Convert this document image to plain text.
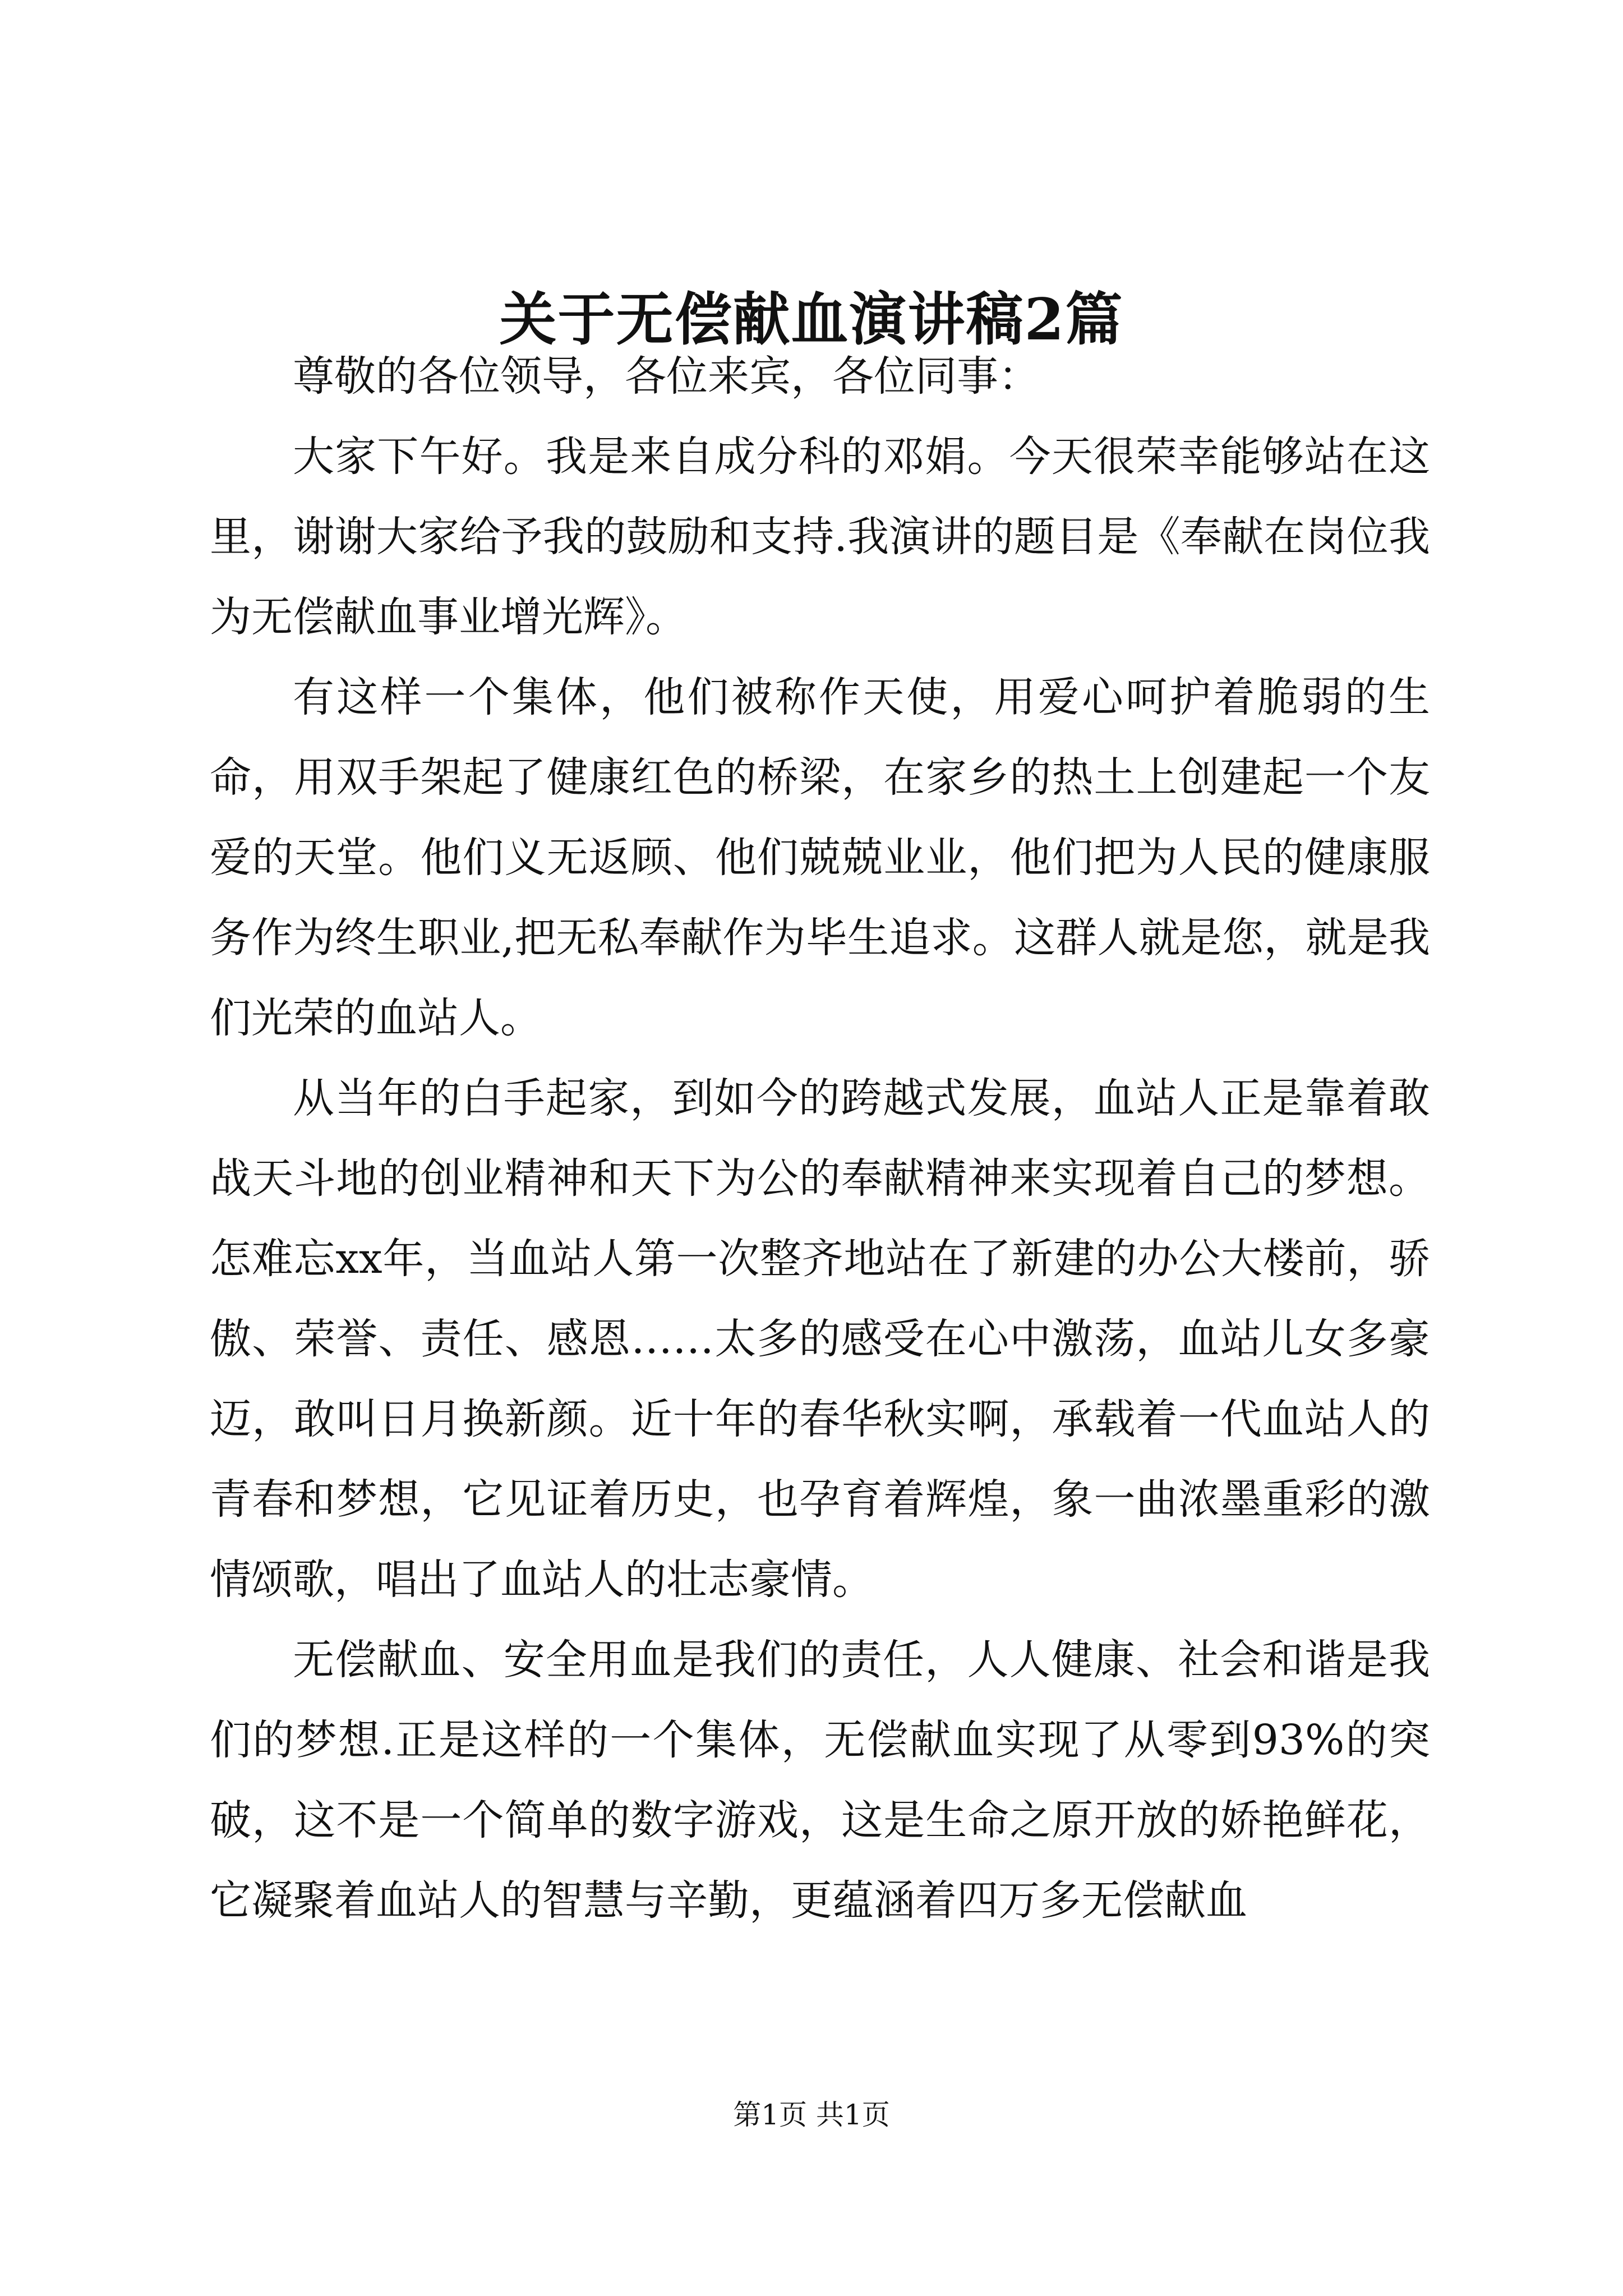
关于无偿献血演讲稿2篇

尊敬的各位领导，各位来宾，各位同事：

大家下午好。我是来自成分科的邓娟。今天很荣幸能够站在这里，谢谢大家给予我的鼓励和支持.我演讲的题目是《奉献在岗位我为无偿献血事业增光辉》。

有这样一个集体，他们被称作天使，用爱心呵护着脆弱的生命，用双手架起了健康红色的桥梁，在家乡的热土上创建起一个友爱的天堂。他们义无返顾、他们兢兢业业，他们把为人民的健康服务作为终生职业,把无私奉献作为毕生追求。这群人就是您，就是我们光荣的血站人。

从当年的白手起家，到如今的跨越式发展，血站人正是靠着敢战天斗地的创业精神和天下为公的奉献精神来实现着自己的梦想。怎难忘xx年，当血站人第一次整齐地站在了新建的办公大楼前，骄傲、荣誉、责任、感恩……太多的感受在心中激荡，血站儿女多豪迈，敢叫日月换新颜。近十年的春华秋实啊，承载着一代血站人的青春和梦想，它见证着历史，也孕育着辉煌，象一曲浓墨重彩的激情颂歌，唱出了血站人的壮志豪情。

无偿献血、安全用血是我们的责任，人人健康、社会和谐是我们的梦想.正是这样的一个集体，无偿献血实现了从零到93%的突破，这不是一个简单的数字游戏，这是生命之原开放的娇艳鲜花，它凝聚着血站人的智慧与辛勤，更蕴涵着四万多无偿献血

第1页 共1页
